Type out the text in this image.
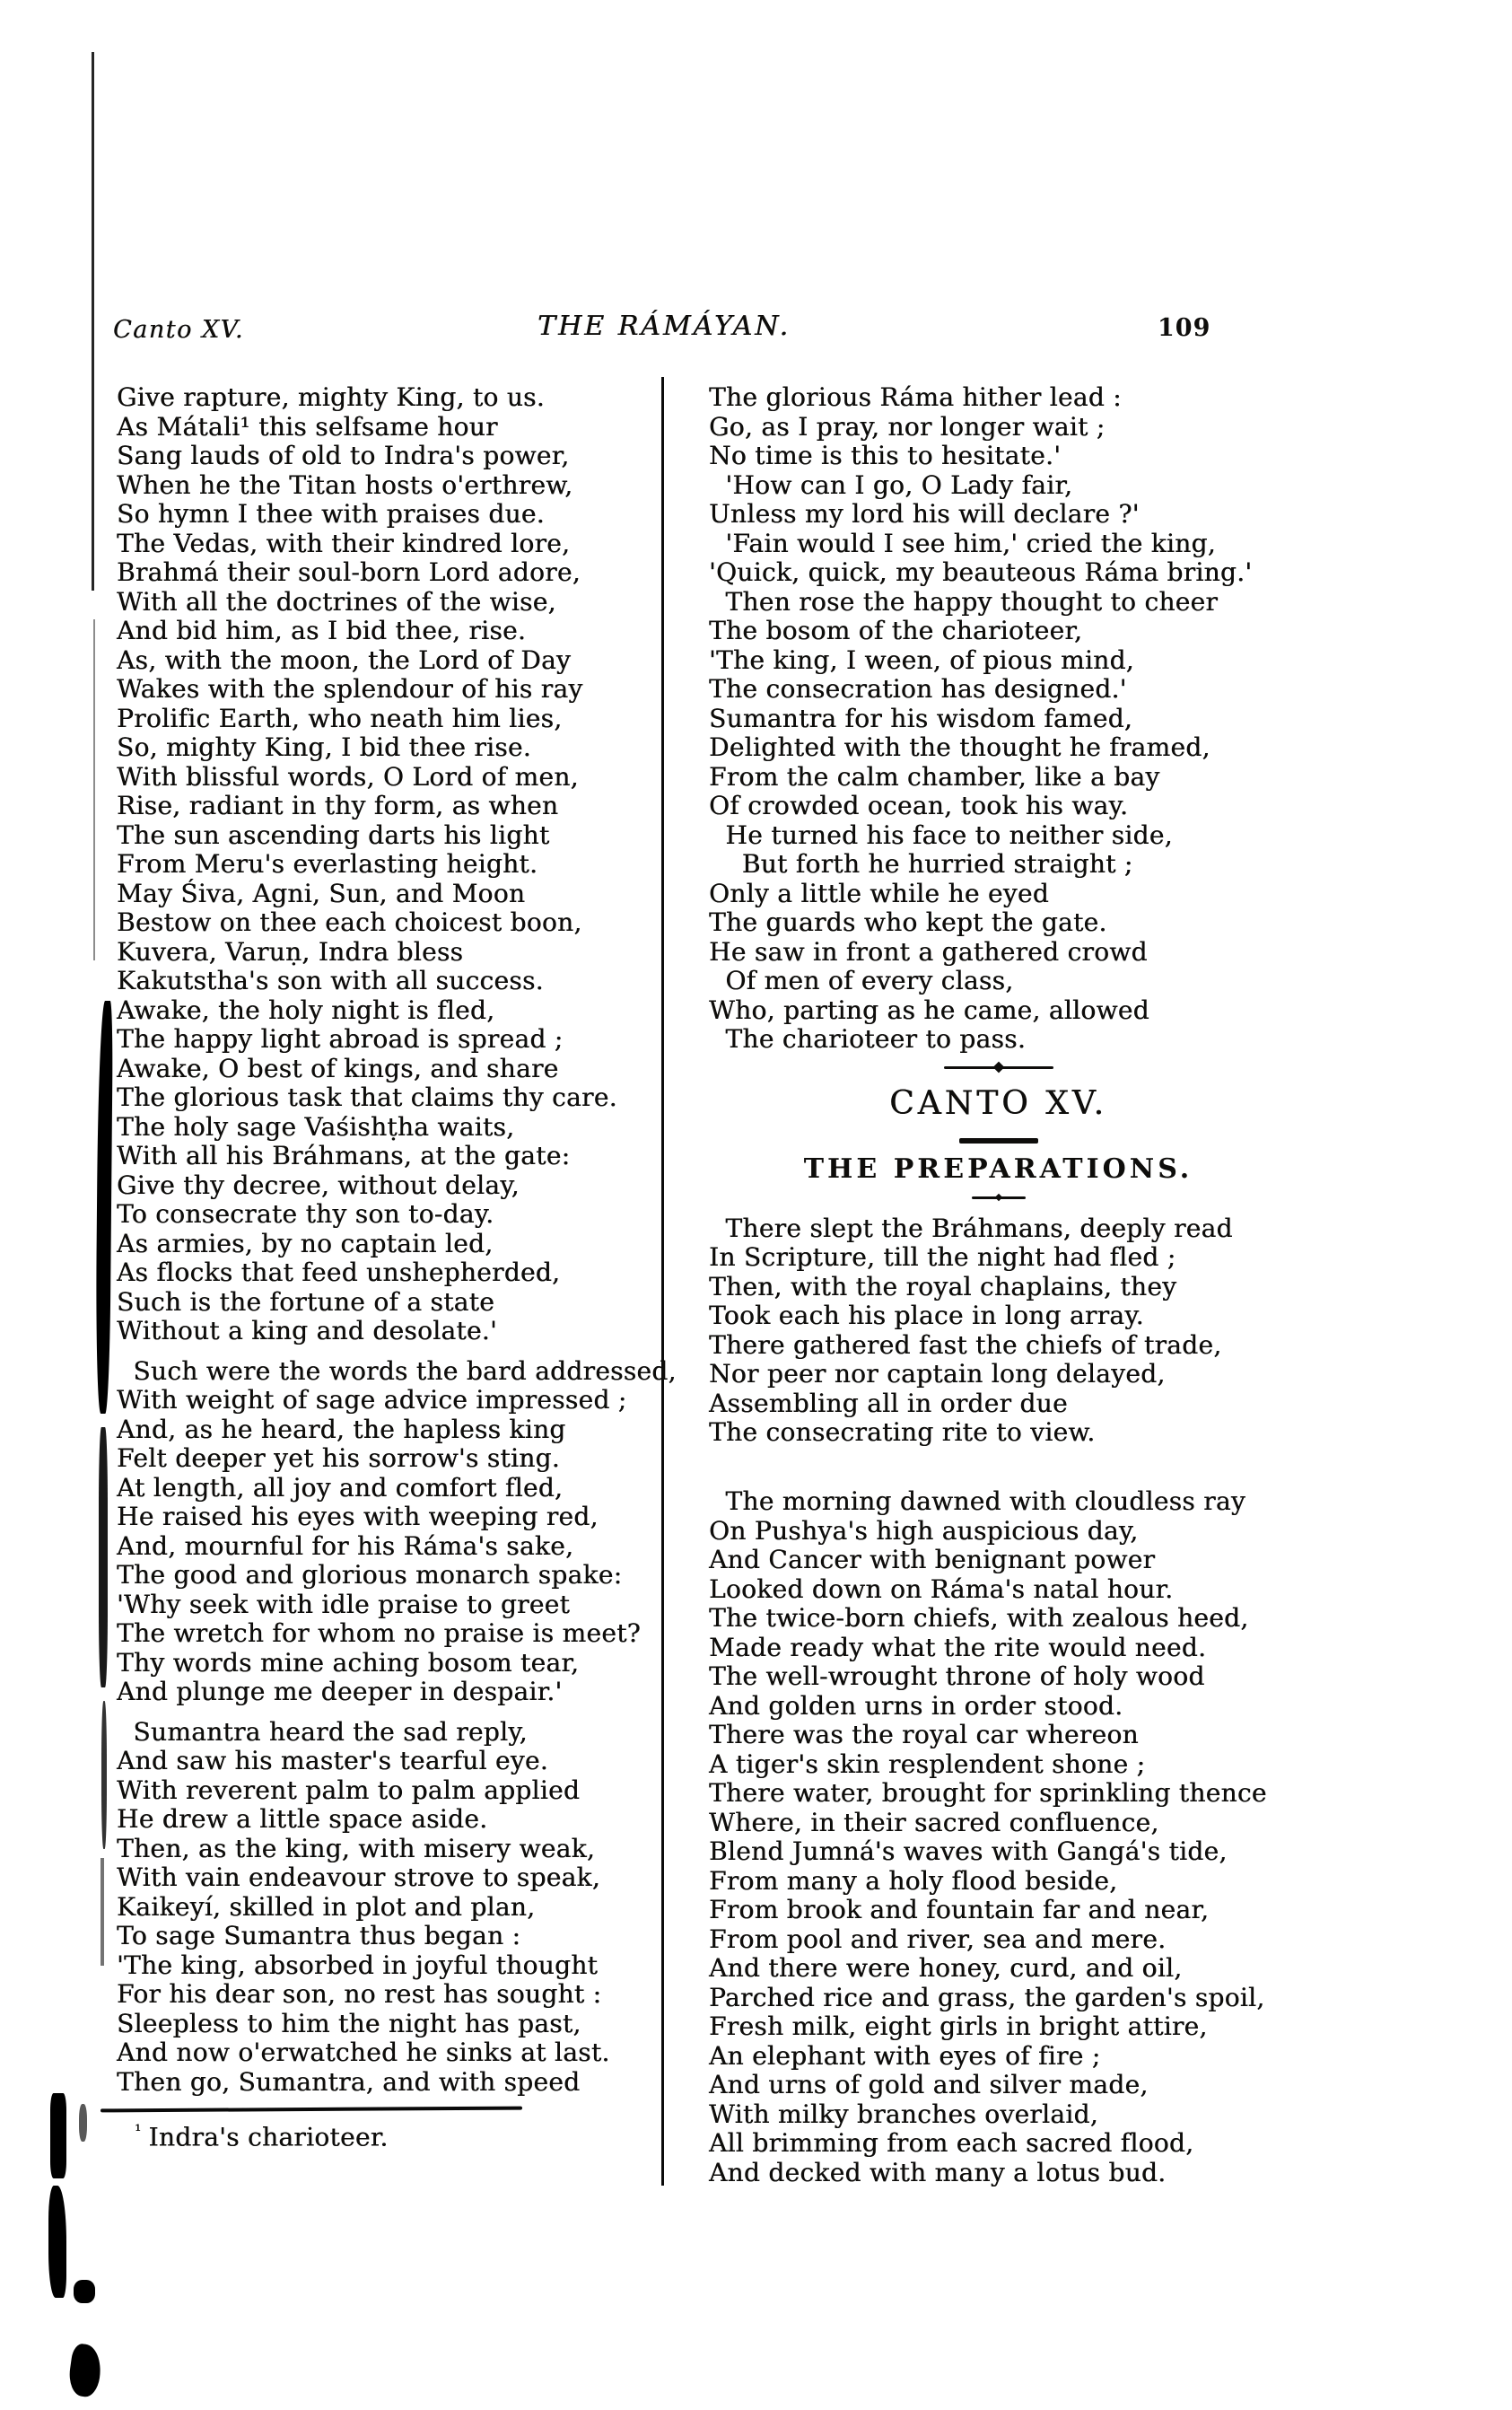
Canto XV.	THE RÁMÁYAN.	109
Give rapture, mighty King, to us.
As Mátali¹ this selfsame hour
Sang lauds of old to Indra's power,
When he the Titan hosts o'erthrew,
So hymn I thee with praises due.
The Vedas, with their kindred lore,
Brahmá their soul-born Lord adore,
With all the doctrines of the wise,
And bid him, as I bid thee, rise.
As, with the moon, the Lord of Day
Wakes with the splendour of his ray
Prolific Earth, who neath him lies,
So, mighty King, I bid thee rise.
With blissful words, O Lord of men,
Rise, radiant in thy form, as when
The sun ascending darts his light
From Meru's everlasting height.
May Śiva, Agni, Sun, and Moon
Bestow on thee each choicest boon,
Kuvera, Varuṇ, Indra bless
Kakutstha's son with all success.
Awake, the holy night is fled,
The happy light abroad is spread ;
Awake, O best of kings, and share
The glorious task that claims thy care.
The holy sage Vaśishṭha waits,
With all his Bráhmans, at the gate:
Give thy decree, without delay,
To consecrate thy son to-day.
As armies, by no captain led,
As flocks that feed unshepherded,
Such is the fortune of a state
Without a king and desolate.'
Such were the words the bard addressed,
With weight of sage advice impressed ;
And, as he heard, the hapless king
Felt deeper yet his sorrow's sting.
At length, all joy and comfort fled,
He raised his eyes with weeping red,
And, mournful for his Ráma's sake,
The good and glorious monarch spake:
'Why seek with idle praise to greet
The wretch for whom no praise is meet?
Thy words mine aching bosom tear,
And plunge me deeper in despair.'
Sumantra heard the sad reply,
And saw his master's tearful eye.
With reverent palm to palm applied
He drew a little space aside.
Then, as the king, with misery weak,
With vain endeavour strove to speak,
Kaikeyí, skilled in plot and plan,
To sage Sumantra thus began :
'The king, absorbed in joyful thought
For his dear son, no rest has sought :
Sleepless to him the night has past,
And now o'erwatched he sinks at last.
Then go, Sumantra, and with speed
$^{^1}$ Indra's charioteer.
The glorious Ráma hither lead :
Go, as I pray, nor longer wait ;
No time is this to hesitate.'
'How can I go, O Lady fair,
Unless my lord his will declare ?'
'Fain would I see him,' cried the king,
'Quick, quick, my beauteous Ráma bring.'
Then rose the happy thought to cheer
The bosom of the charioteer,
'The king, I ween, of pious mind,
The consecration has designed.'
Sumantra for his wisdom famed,
Delighted with the thought he framed,
From the calm chamber, like a bay
Of crowded ocean, took his way.
He turned his face to neither side,
But forth he hurried straight ;
Only a little while he eyed
The guards who kept the gate.
He saw in front a gathered crowd
Of men of every class,
Who, parting as he came, allowed
The charioteer to pass.
CANTO XV.
THE PREPARATIONS.
There slept the Bráhmans, deeply read
In Scripture, till the night had fled ;
Then, with the royal chaplains, they
Took each his place in long array.
There gathered fast the chiefs of trade,
Nor peer nor captain long delayed,
Assembling all in order due
The consecrating rite to view.
The morning dawned with cloudless ray
On Pushya's high auspicious day,
And Cancer with benignant power
Looked down on Ráma's natal hour.
The twice-born chiefs, with zealous heed,
Made ready what the rite would need.
The well-wrought throne of holy wood
And golden urns in order stood.
There was the royal car whereon
A tiger's skin resplendent shone ;
There water, brought for sprinkling thence
Where, in their sacred confluence,
Blend Jumná's waves with Gangá's tide,
From many a holy flood beside,
From brook and fountain far and near,
From pool and river, sea and mere.
And there were honey, curd, and oil,
Parched rice and grass, the garden's spoil,
Fresh milk, eight girls in bright attire,
An elephant with eyes of fire ;
And urns of gold and silver made,
With milky branches overlaid,
All brimming from each sacred flood,
And decked with many a lotus bud.
